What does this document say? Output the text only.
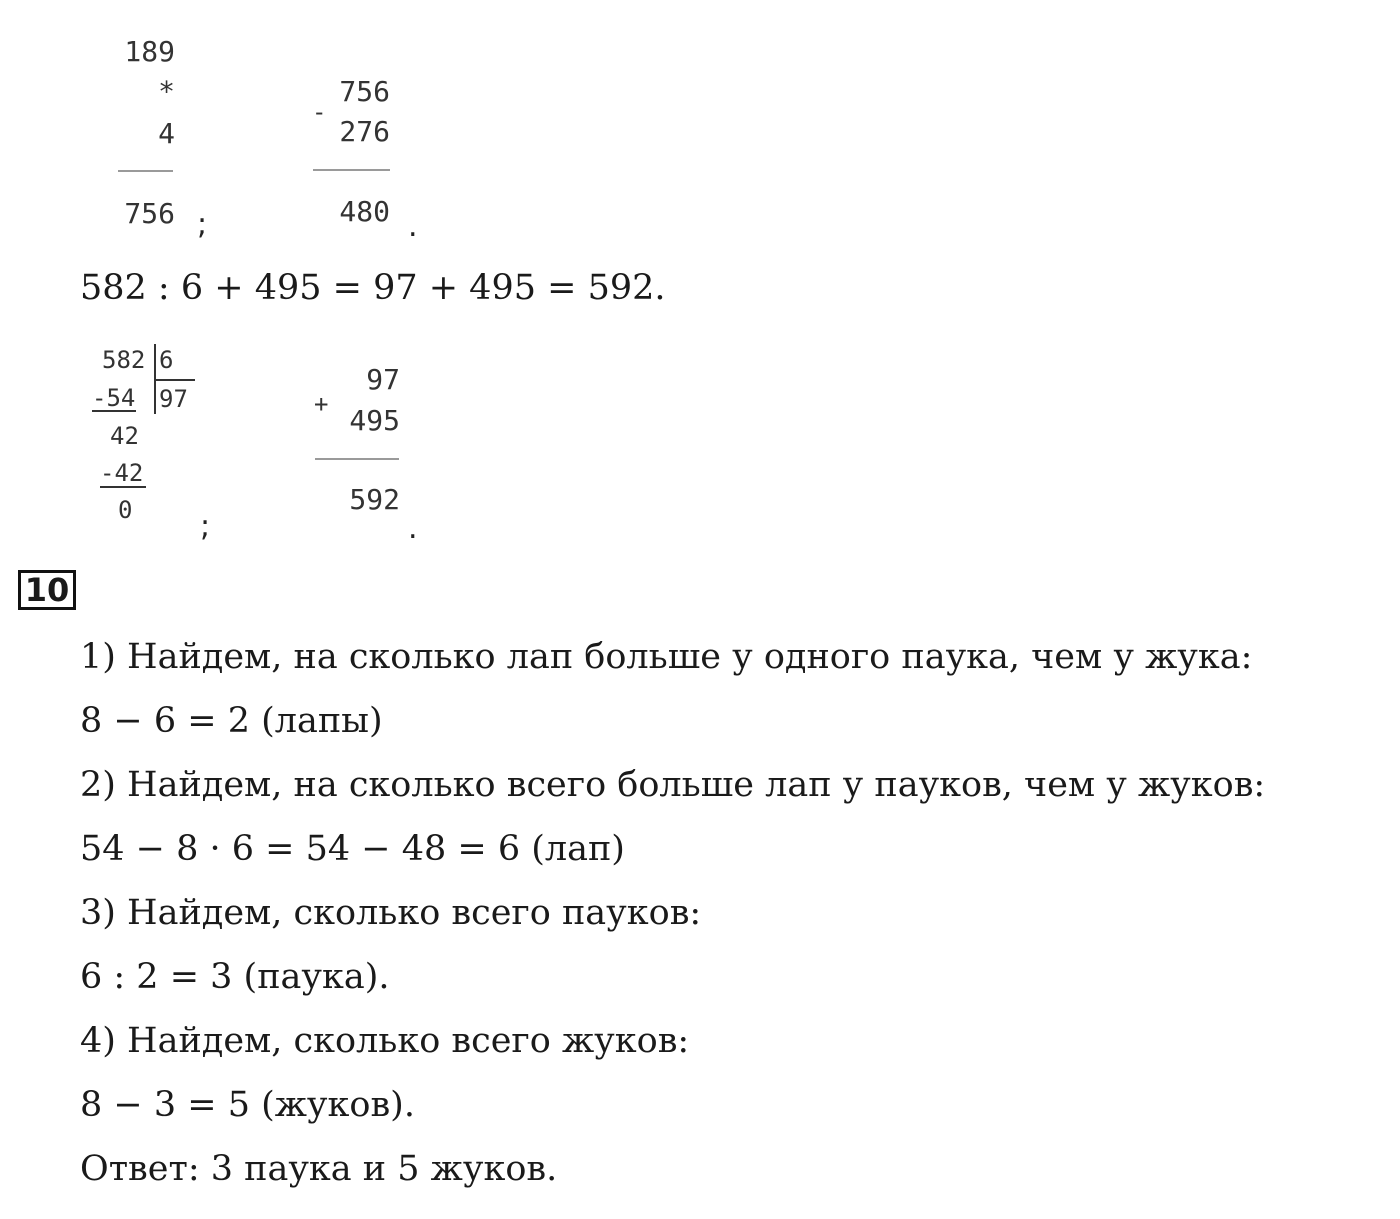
189
*
4
756 ;
-
756
276
480 .
582 : 6 + 495 = 97 + 495 = 592.
582 6
-54 97
42
-42
0 ;
+
97
495
592
.
10
1) Найдем, на сколько лап больше у одного паука, чем у жука:
8 − 6 = 2 (лапы)
2) Найдем, на сколько всего больше лап у пауков, чем у жуков:
54 − 8 · 6 = 54 − 48 = 6 (лап)
3) Найдем, сколько всего пауков:
6 : 2 = 3 (паука).
4) Найдем, сколько всего жуков:
8 − 3 = 5 (жуков).
Ответ: 3 паука и 5 жуков.
